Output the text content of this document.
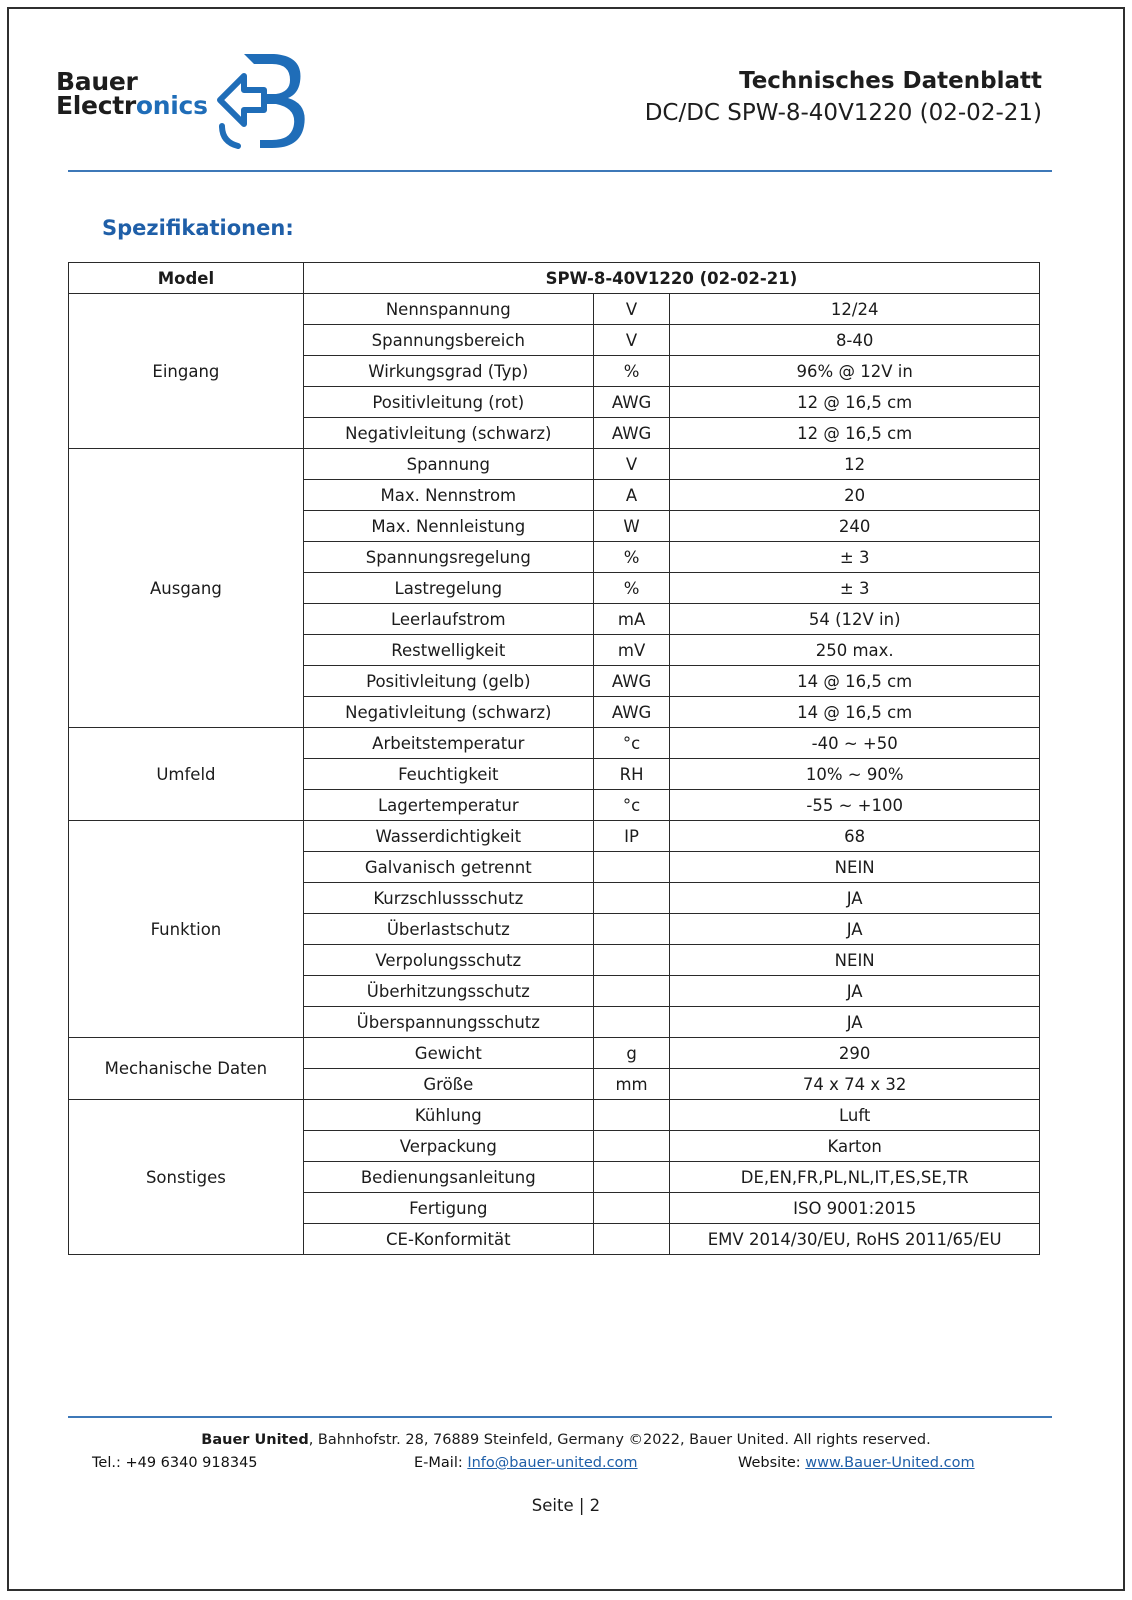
Bauer
Electronics
Technisches Datenblatt
DC/DC SPW-8-40V1220 (02-02-21)
Spezifikationen:
Model	SPW-8-40V1220 (02-02-21)		
Eingang	Nennspannung	V	12/24
	Spannungsbereich	V	8-40
	Wirkungsgrad (Typ)	%	96% @ 12V in
	Positivleitung (rot)	AWG	12 @ 16,5 cm
	Negativleitung (schwarz)	AWG	12 @ 16,5 cm
Ausgang	Spannung	V	12
	Max. Nennstrom	A	20
	Max. Nennleistung	W	240
	Spannungsregelung	%	± 3
	Lastregelung	%	± 3
	Leerlaufstrom	mA	54 (12V in)
	Restwelligkeit	mV	250 max.
	Positivleitung (gelb)	AWG	14 @ 16,5 cm
	Negativleitung (schwarz)	AWG	14 @ 16,5 cm
Umfeld	Arbeitstemperatur	°c	-40 ~ +50
	Feuchtigkeit	RH	10% ~ 90%
	Lagertemperatur	°c	-55 ~ +100
Funktion	Wasserdichtigkeit	IP	68
	Galvanisch getrennt		NEIN
	Kurzschlussschutz		JA
	Überlastschutz		JA
	Verpolungsschutz		NEIN
	Überhitzungsschutz		JA
	Überspannungsschutz		JA
Mechanische Daten	Gewicht	g	290
	Größe	mm	74 x 74 x 32
Sonstiges	Kühlung		Luft
	Verpackung		Karton
	Bedienungsanleitung		DE,EN,FR,PL,NL,IT,ES,SE,TR
	Fertigung		ISO 9001:2015
	CE-Konformität		EMV 2014/30/EU, RoHS 2011/65/EU
Bauer United, Bahnhofstr. 28, 76889 Steinfeld, Germany ©2022, Bauer United. All rights reserved.
Tel.: +49 6340 918345	E-Mail: Info@bauer-united.com	Website: www.Bauer-United.com
Seite | 2
